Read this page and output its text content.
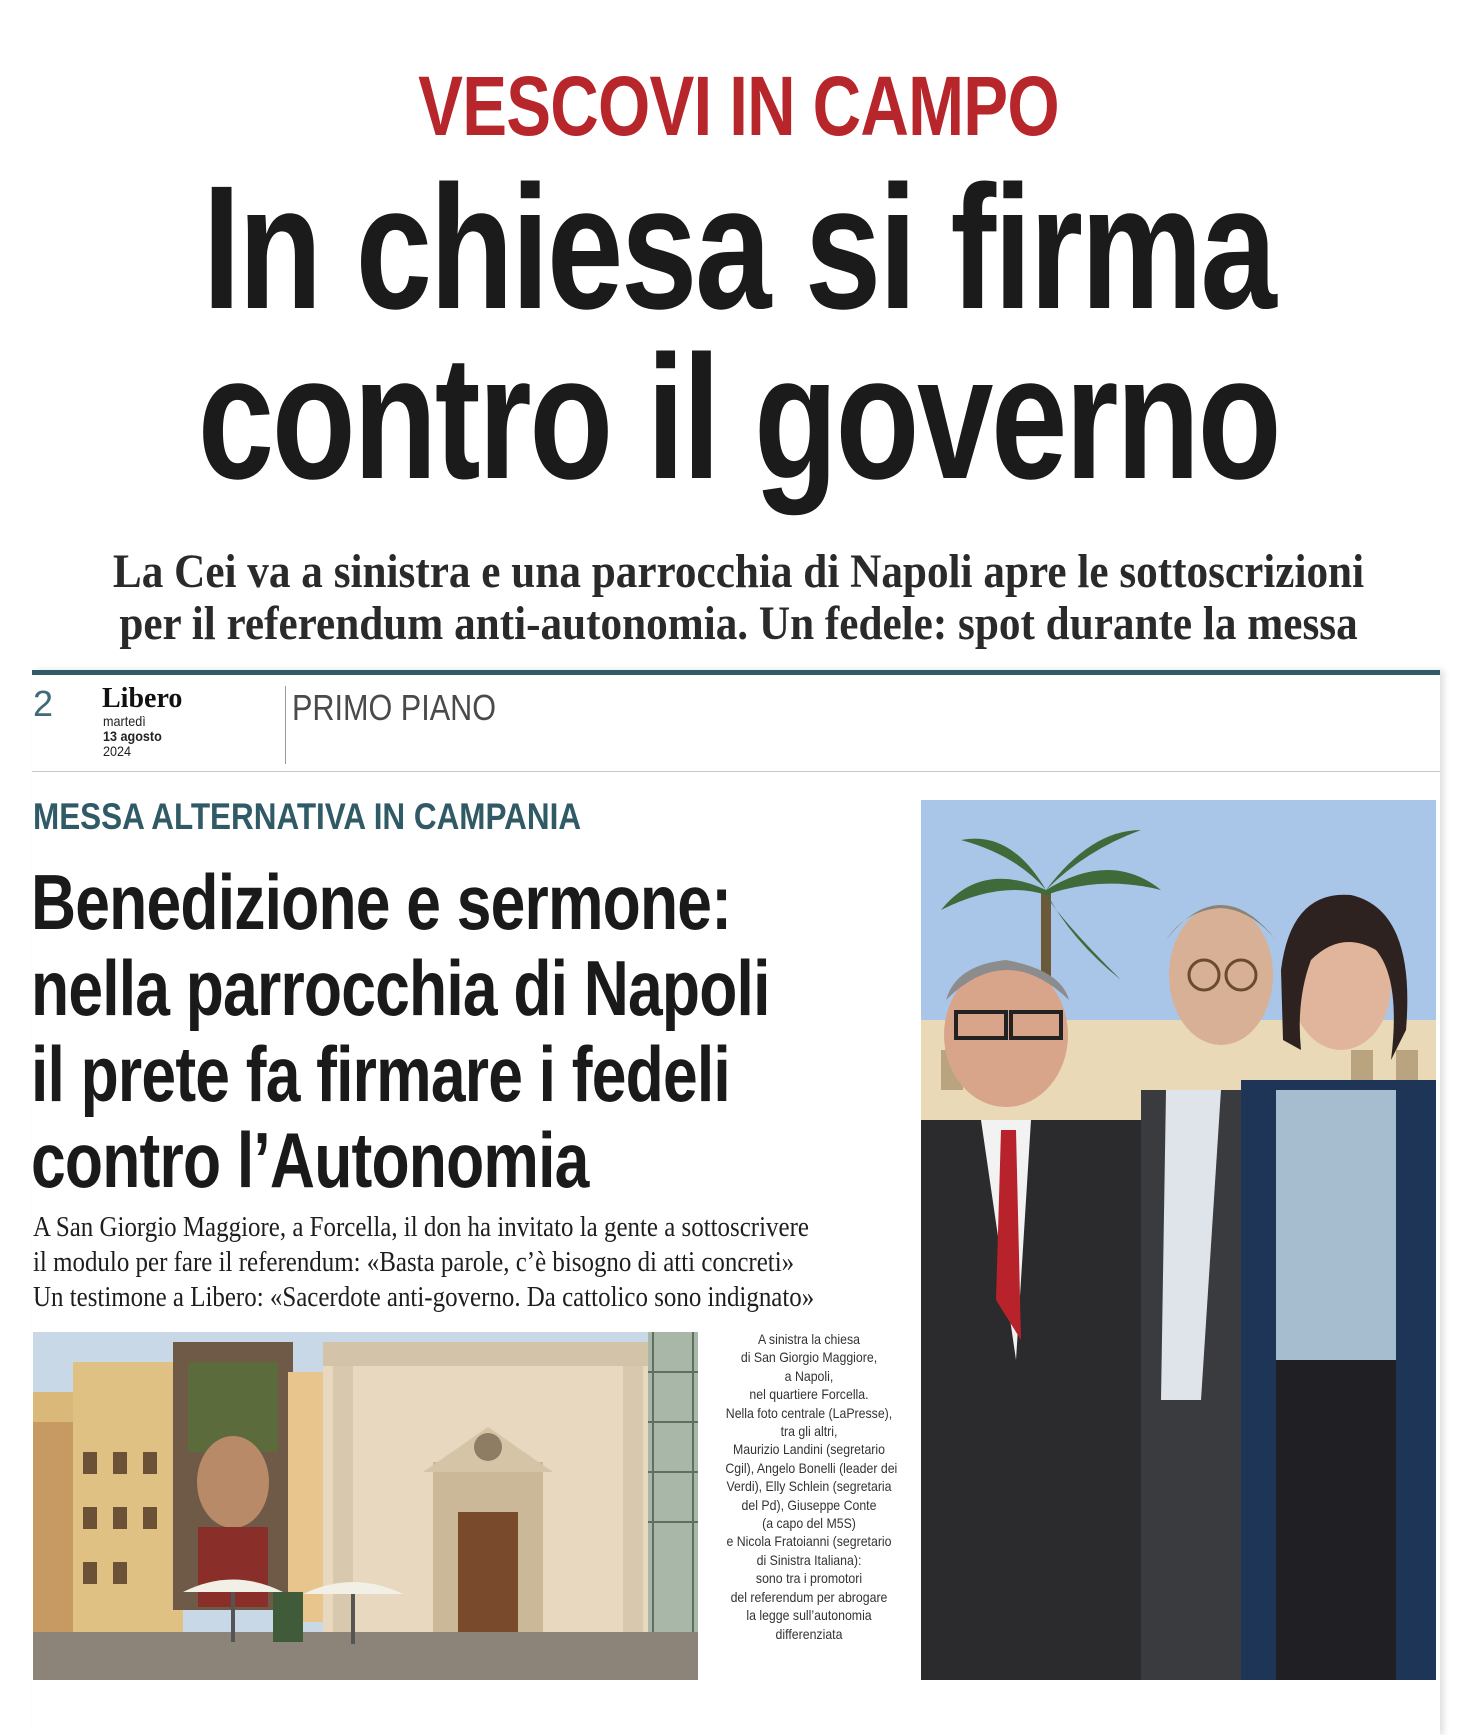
VESCOVI IN CAMPO
In chiesa si firma
contro il governo
La Cei va a sinistra e una parrocchia di Napoli apre le sottoscrizioni
per il referendum anti-autonomia. Un fedele: spot durante la messa
2 Libero
martedì
13 agosto
2024
PRIMO PIANO
MESSA ALTERNATIVA IN CAMPANIA
Benedizione e sermone:
nella parrocchia di Napoli
il prete fa firmare i fedeli
contro l’Autonomia
A San Giorgio Maggiore, a Forcella, il don ha invitato la gente a sottoscrivere
il modulo per fare il referendum: «Basta parole, c’è bisogno di atti concreti»
Un testimone a Libero: «Sacerdote anti-governo. Da cattolico sono indignato»
A sinistra la chiesa
di San Giorgio Maggiore,
a Napoli,
nel quartiere Forcella.
Nella foto centrale (LaPresse),
tra gli altri,
Maurizio Landini (segretario
Cgil), Angelo Bonelli (leader dei
Verdi), Elly Schlein (segretaria
del Pd), Giuseppe Conte
(a capo del M5S)
e Nicola Fratoianni (segretario
di Sinistra Italiana):
sono tra i promotori
del referendum per abrogare
la legge sull’autonomia
differenziata
